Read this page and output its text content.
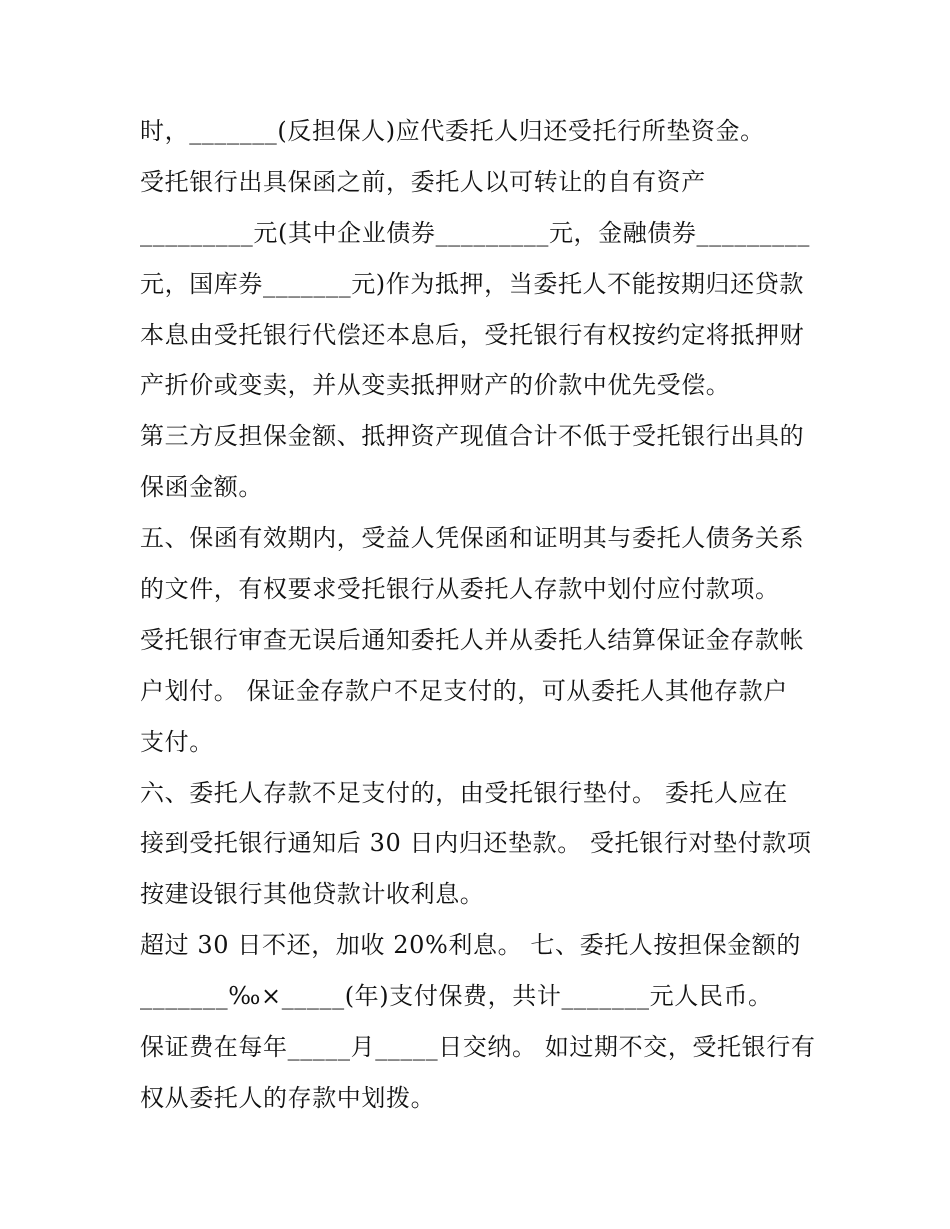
时，_______(反担保人)应代委托人归还受托行所垫资金。
受托银行出具保函之前，委托人以可转让的自有资产
_________元(其中企业债券_________元，金融债券_________
元，国库券_______元)作为抵押，当委托人不能按期归还贷款
本息由受托银行代偿还本息后，受托银行有权按约定将抵押财
产折价或变卖，并从变卖抵押财产的价款中优先受偿。
第三方反担保金额、抵押资产现值合计不低于受托银行出具的
保函金额。
五、保函有效期内，受益人凭保函和证明其与委托人债务关系
的文件，有权要求受托银行从委托人存款中划付应付款项。
受托银行审查无误后通知委托人并从委托人结算保证金存款帐
户划付。 保证金存款户不足支付的，可从委托人其他存款户
支付。
六、委托人存款不足支付的，由受托银行垫付。 委托人应在
接到受托银行通知后 30 日内归还垫款。 受托银行对垫付款项
按建设银行其他贷款计收利息。
超过 30 日不还，加收 20%利息。 七、委托人按担保金额的
_______‰×_____(年)支付保费，共计_______元人民币。
保证费在每年_____月_____日交纳。 如过期不交，受托银行有
权从委托人的存款中划拨。
